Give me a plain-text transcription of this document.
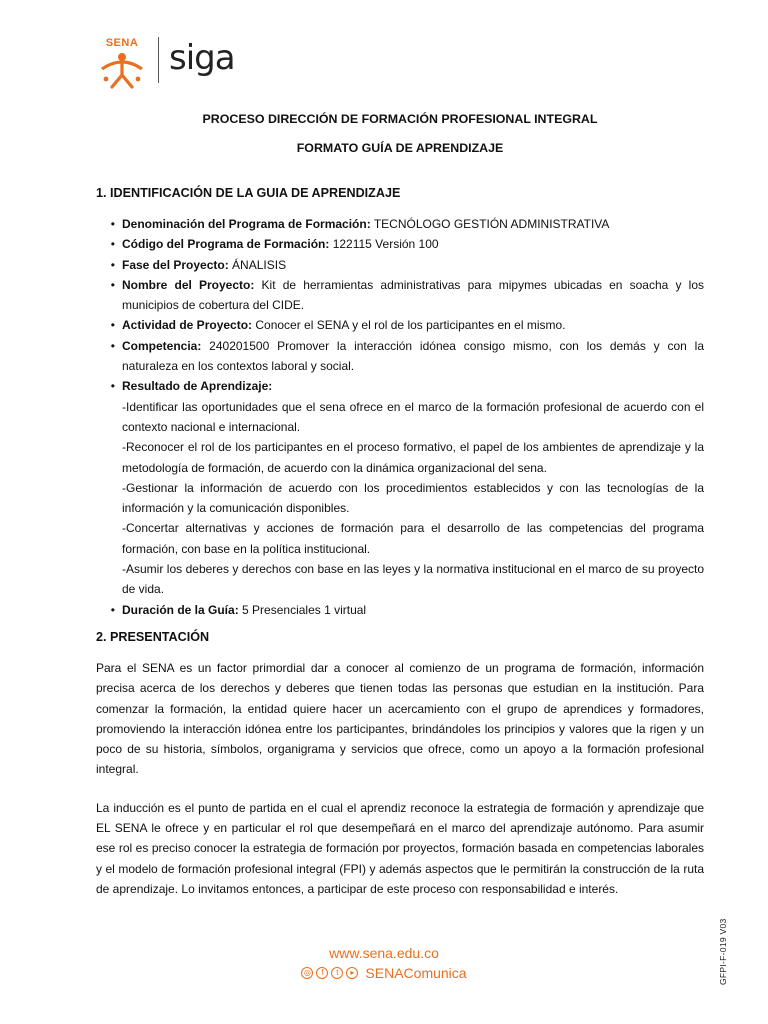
SENA siga

PROCESO DIRECCIÓN DE FORMACIÓN PROFESIONAL INTEGRAL

FORMATO GUÍA DE APRENDIZAJE

1. IDENTIFICACIÓN DE LA GUIA DE APRENDIZAJE

• Denominación del Programa de Formación: TECNÓLOGO GESTIÓN ADMINISTRATIVA
• Código del Programa de Formación: 122115 Versión 100
• Fase del Proyecto: ÁNALISIS
• Nombre del Proyecto: Kit de herramientas administrativas para mipymes ubicadas en soacha y los municipios de cobertura del CIDE.
• Actividad de Proyecto: Conocer el SENA y el rol de los participantes en el mismo.
• Competencia: 240201500 Promover la interacción idónea consigo mismo, con los demás y con la naturaleza en los contextos laboral y social.
• Resultado de Aprendizaje:
-Identificar las oportunidades que el sena ofrece en el marco de la formación profesional de acuerdo con el contexto nacional e internacional.
-Reconocer el rol de los participantes en el proceso formativo, el papel de los ambientes de aprendizaje y la metodología de formación, de acuerdo con la dinámica organizacional del sena.
-Gestionar la información de acuerdo con los procedimientos establecidos y con las tecnologías de la información y la comunicación disponibles.
-Concertar alternativas y acciones de formación para el desarrollo de las competencias del programa formación, con base en la política institucional.
-Asumir los deberes y derechos con base en las leyes y la normativa institucional en el marco de su proyecto de vida.
• Duración de la Guía: 5 Presenciales 1 virtual

2. PRESENTACIÓN

Para el SENA es un factor primordial dar a conocer al comienzo de un programa de formación, información precisa acerca de los derechos y deberes que tienen todas las personas que estudian en la institución. Para comenzar la formación, la entidad quiere hacer un acercamiento con el grupo de aprendices y formadores, promoviendo la interacción idónea entre los participantes, brindándoles los principios y valores que la rigen y un poco de su historia, símbolos, organigrama y servicios que ofrece, como un apoyo a la formación profesional integral.

La inducción es el punto de partida en el cual el aprendiz reconoce la estrategia de formación y aprendizaje que EL SENA le ofrece y en particular el rol que desempeñará en el marco del aprendizaje autónomo. Para asumir ese rol es preciso conocer la estrategia de formación por proyectos, formación basada en competencias laborales y el modelo de formación profesional integral (FPI) y además aspectos que le permitirán la construcción de la ruta de aprendizaje. Lo invitamos entonces, a participar de este proceso con responsabilidad e interés.

www.sena.edu.co
◎	f	t	▸ SENAComunica	GFPI-F-019 V03
